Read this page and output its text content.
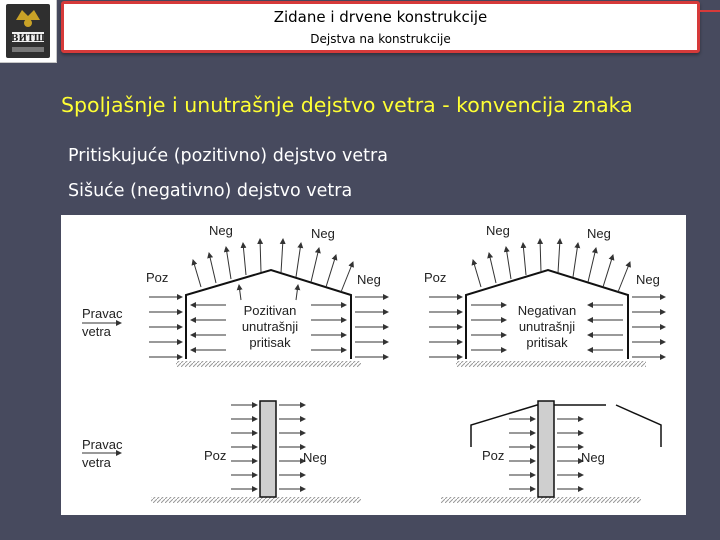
ВИТШ
Zidane i drvene konstrukcije
Dejstva na konstrukcije
Spoljašnje i unutrašnje dejstvo vetra - konvencija znaka
Pritiskujuće (pozitivno) dejstvo vetra
Sišuće (negativno) dejstvo vetra
Neg	Neg
Poz	Neg
Pravac
vetra
Pozitivan
unutrašnji
pritisak
Neg	Neg
Poz	Neg
Negativan
unutrašnji
pritisak
Pravac
vetra	Poz	Neg	Poz	Neg
